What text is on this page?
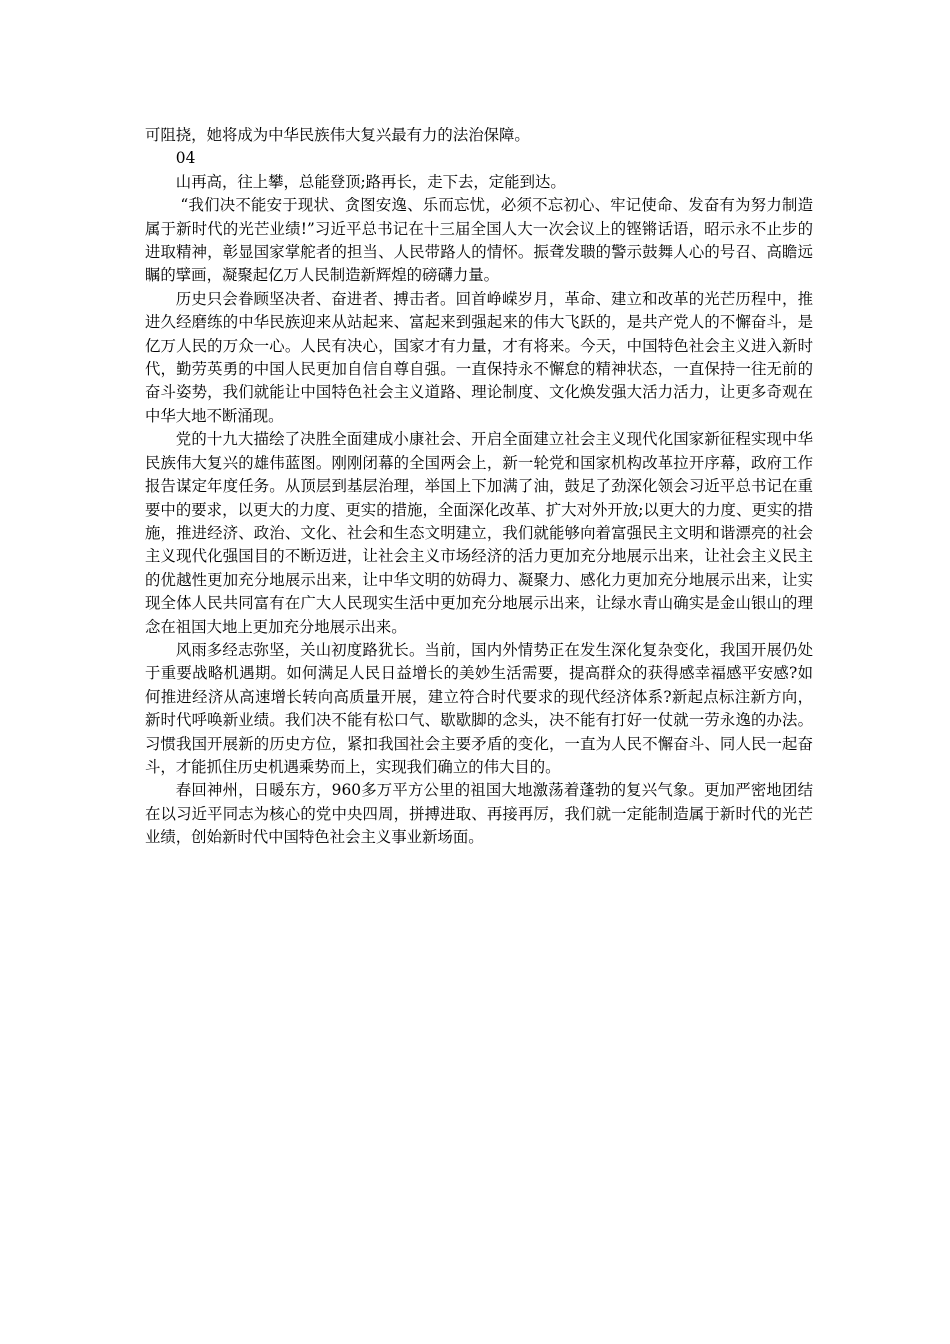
可阻挠，她将成为中华民族伟大复兴最有力的法治保障。

04

山再高，往上攀，总能登顶;路再长，走下去，定能到达。

“我们决不能安于现状、贪图安逸、乐而忘忧，必须不忘初心、牢记使命、发奋有为努力制造属于新时代的光芒业绩!”习近平总书记在十三届全国人大一次会议上的铿锵话语，昭示永不止步的进取精神，彰显国家掌舵者的担当、人民带路人的情怀。振聋发聩的警示鼓舞人心的号召、高瞻远瞩的擘画，凝聚起亿万人民制造新辉煌的磅礴力量。

历史只会眷顾坚决者、奋进者、搏击者。回首峥嵘岁月，革命、建立和改革的光芒历程中，推进久经磨练的中华民族迎来从站起来、富起来到强起来的伟大飞跃的，是共产党人的不懈奋斗，是亿万人民的万众一心。人民有决心，国家才有力量，才有将来。今天，中国特色社会主义进入新时代，勤劳英勇的中国人民更加自信自尊自强。一直保持永不懈怠的精神状态，一直保持一往无前的奋斗姿势，我们就能让中国特色社会主义道路、理论制度、文化焕发强大活力活力，让更多奇观在中华大地不断涌现。

党的十九大描绘了决胜全面建成小康社会、开启全面建立社会主义现代化国家新征程实现中华民族伟大复兴的雄伟蓝图。刚刚闭幕的全国两会上，新一轮党和国家机构改革拉开序幕，政府工作报告谋定年度任务。从顶层到基层治理，举国上下加满了油，鼓足了劲深化领会习近平总书记在重要中的要求，以更大的力度、更实的措施，全面深化改革、扩大对外开放;以更大的力度、更实的措施，推进经济、政治、文化、社会和生态文明建立，我们就能够向着富强民主文明和谐漂亮的社会主义现代化强国目的不断迈进，让社会主义市场经济的活力更加充分地展示出来，让社会主义民主的优越性更加充分地展示出来，让中华文明的妨碍力、凝聚力、感化力更加充分地展示出来，让实现全体人民共同富有在广大人民现实生活中更加充分地展示出来，让绿水青山确实是金山银山的理念在祖国大地上更加充分地展示出来。

风雨多经志弥坚，关山初度路犹长。当前，国内外情势正在发生深化复杂变化，我国开展仍处于重要战略机遇期。如何满足人民日益增长的美妙生活需要，提高群众的获得感幸福感平安感?如何推进经济从高速增长转向高质量开展，建立符合时代要求的现代经济体系?新起点标注新方向，新时代呼唤新业绩。我们决不能有松口气、歇歇脚的念头，决不能有打好一仗就一劳永逸的办法。习惯我国开展新的历史方位，紧扣我国社会主要矛盾的变化，一直为人民不懈奋斗、同人民一起奋斗，才能抓住历史机遇乘势而上，实现我们确立的伟大目的。

春回神州，日暖东方，960多万平方公里的祖国大地激荡着蓬勃的复兴气象。更加严密地团结在以习近平同志为核心的党中央四周，拼搏进取、再接再厉，我们就一定能制造属于新时代的光芒业绩，创始新时代中国特色社会主义事业新场面。
